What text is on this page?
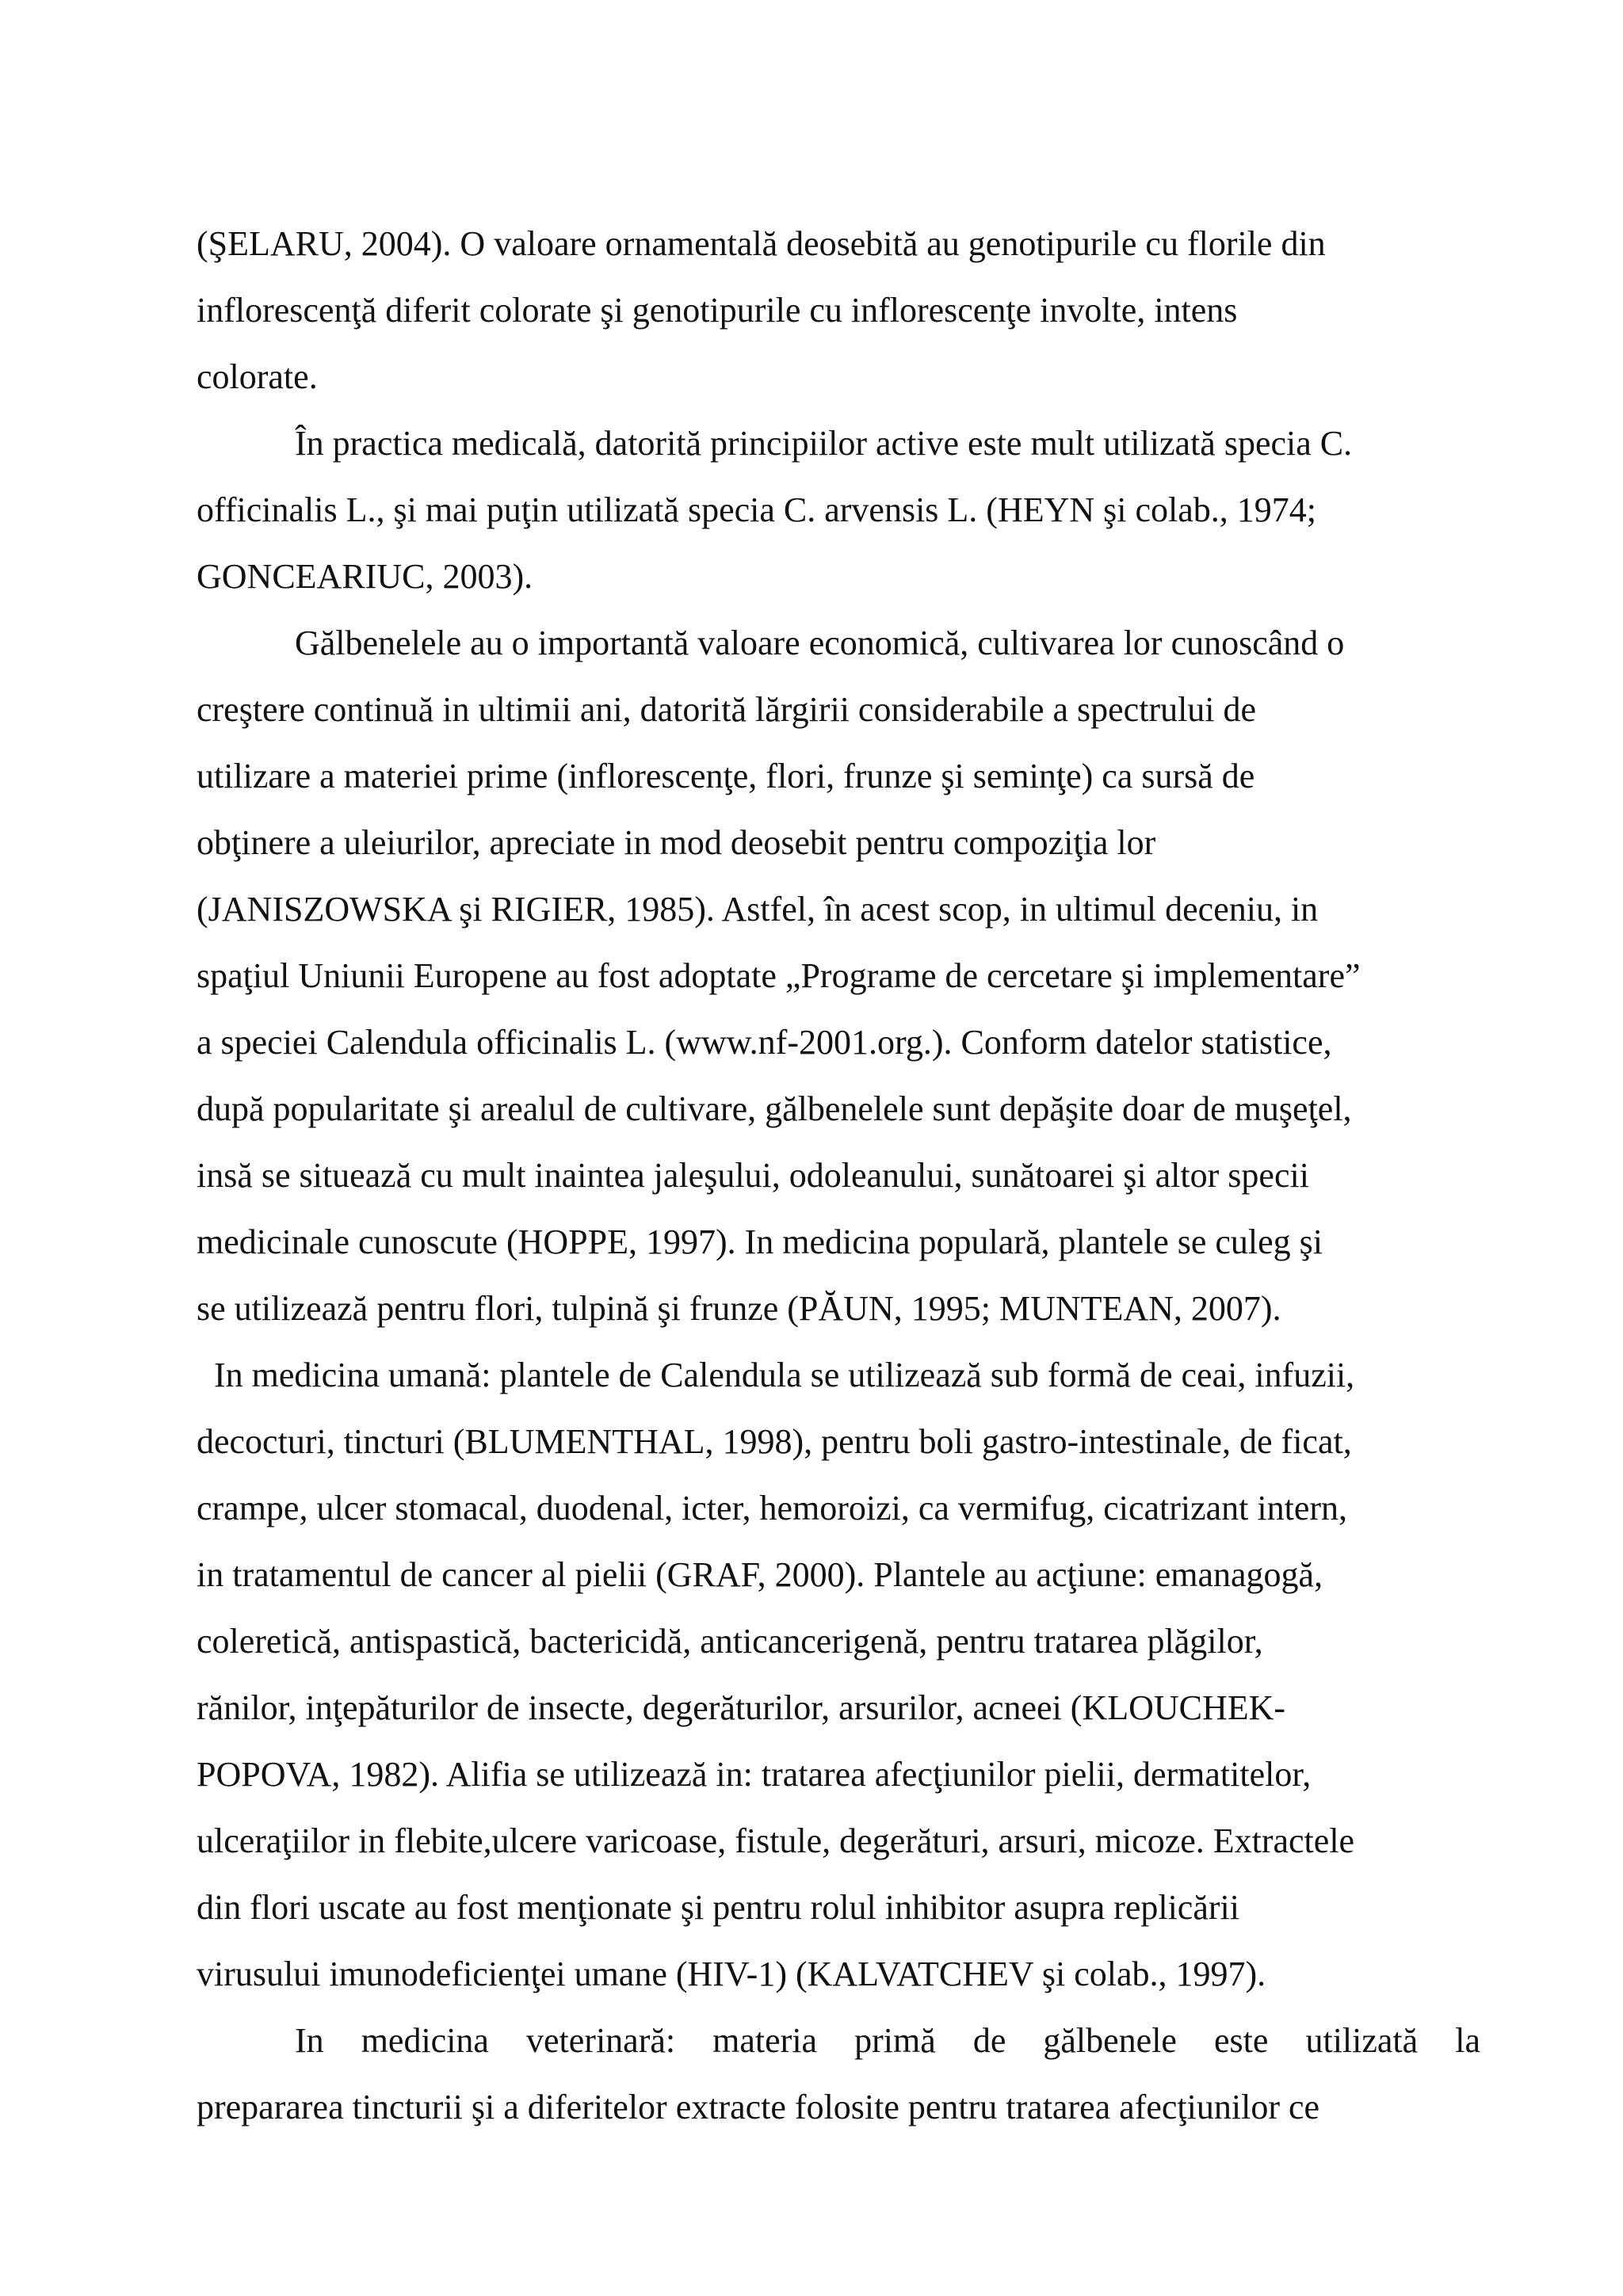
(ŞELARU, 2004). O valoare ornamentală deosebită au genotipurile cu florile din
inflorescenţă diferit colorate şi genotipurile cu inflorescenţe involte, intens
colorate.
În practica medicală, datorită principiilor active este mult utilizată specia C.
officinalis L., şi mai puţin utilizată specia C. arvensis L. (HEYN şi colab., 1974;
GONCEARIUC, 2003).
Gălbenelele au o importantă valoare economică, cultivarea lor cunoscând o
creştere continuă in ultimii ani, datorită lărgirii considerabile a spectrului de
utilizare a materiei prime (inflorescenţe, flori, frunze şi seminţe) ca sursă de
obţinere a uleiurilor, apreciate in mod deosebit pentru compoziţia lor
(JANISZOWSKA şi RIGIER, 1985). Astfel, în acest scop, in ultimul deceniu, in
spaţiul Uniunii Europene au fost adoptate „Programe de cercetare şi implementare”
a speciei Calendula officinalis L. (www.nf-2001.org.). Conform datelor statistice,
după popularitate şi arealul de cultivare, gălbenelele sunt depăşite doar de muşeţel,
insă se situează cu mult inaintea jaleşului, odoleanului, sunătoarei şi altor specii
medicinale cunoscute (HOPPE, 1997). In medicina populară, plantele se culeg şi
se utilizează pentru flori, tulpină şi frunze (PĂUN, 1995; MUNTEAN, 2007).
In medicina umană: plantele de Calendula se utilizează sub formă de ceai, infuzii,
decocturi, tincturi (BLUMENTHAL, 1998), pentru boli gastro-intestinale, de ficat,
crampe, ulcer stomacal, duodenal, icter, hemoroizi, ca vermifug, cicatrizant intern,
in tratamentul de cancer al pielii (GRAF, 2000). Plantele au acţiune: emanagogă,
coleretică, antispastică, bactericidă, anticancerigenă, pentru tratarea plăgilor,
rănilor, inţepăturilor de insecte, degerăturilor, arsurilor, acneei (KLOUCHEK-
POPOVA, 1982). Alifia se utilizează in: tratarea afecţiunilor pielii, dermatitelor,
ulceraţiilor in flebite,ulcere varicoase, fistule, degerături, arsuri, micoze. Extractele
din flori uscate au fost menţionate şi pentru rolul inhibitor asupra replicării
virusului imunodeficienţei umane (HIV-1) (KALVATCHEV şi colab., 1997).
In medicina veterinară: materia primă de gălbenele este utilizată la
prepararea tincturii şi a diferitelor extracte folosite pentru tratarea afecţiunilor ce
